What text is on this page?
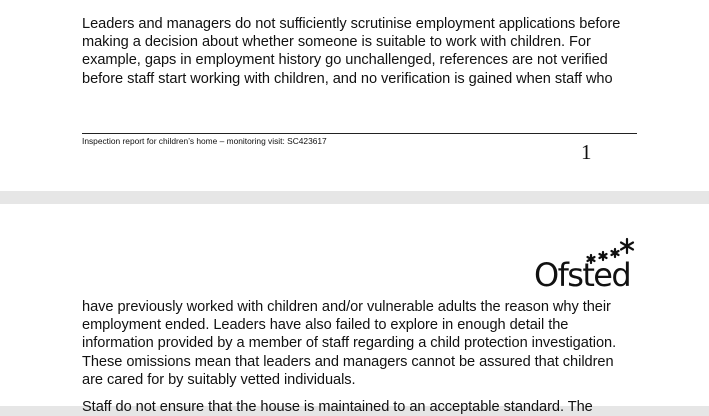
Leaders and managers do not sufficiently scrutinise employment applications before
making a decision about whether someone is suitable to work with children. For
example, gaps in employment history go unchallenged, references are not verified
before staff start working with children, and no verification is gained when staff who

Inspection report for children’s home – monitoring visit: SC423617	1
Ofsted

have previously worked with children and/or vulnerable adults the reason why their
employment ended. Leaders have also failed to explore in enough detail the
information provided by a member of staff regarding a child protection investigation.
These omissions mean that leaders and managers cannot be assured that children
are cared for by suitably vetted individuals.

Staff do not ensure that the house is maintained to an acceptable standard. The
